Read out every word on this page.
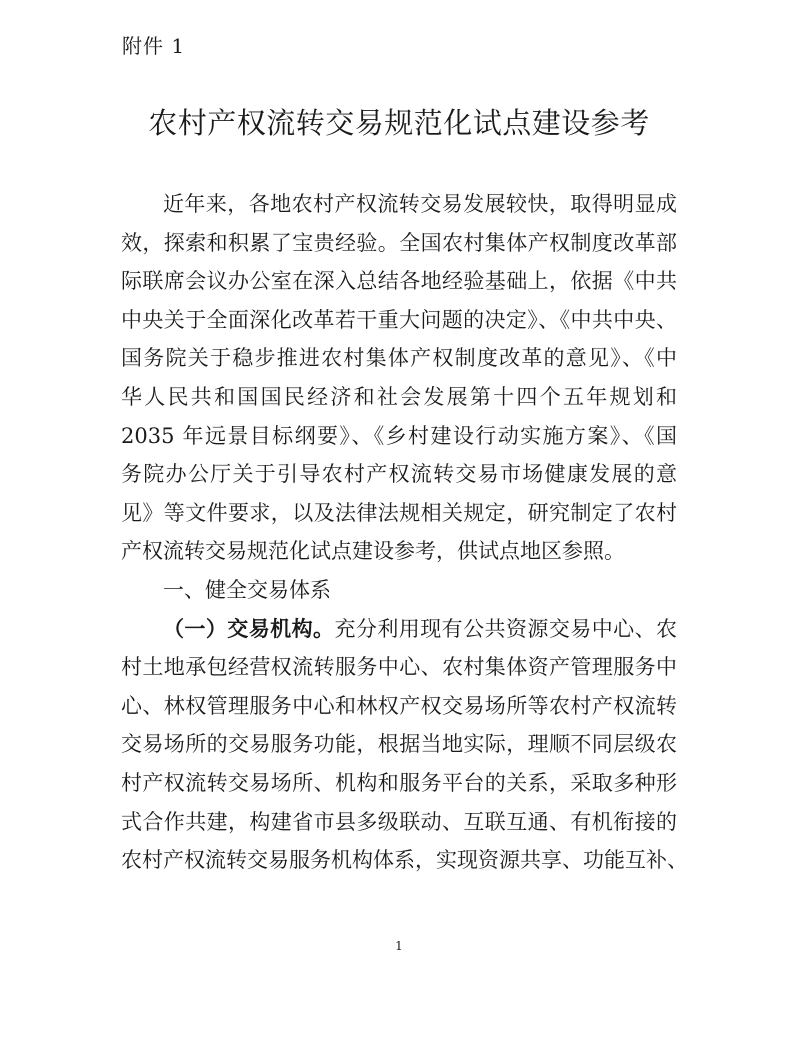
附件 1
农村产权流转交易规范化试点建设参考
近年来，各地农村产权流转交易发展较快，取得明显成
效，探索和积累了宝贵经验。全国农村集体产权制度改革部
际联席会议办公室在深入总结各地经验基础上，依据《中共
中央关于全面深化改革若干重大问题的决定》、《中共中央、
国务院关于稳步推进农村集体产权制度改革的意见》、《中
华人民共和国国民经济和社会发展第十四个五年规划和
2035 年远景目标纲要》、《乡村建设行动实施方案》、《国
务院办公厅关于引导农村产权流转交易市场健康发展的意
见》等文件要求，以及法律法规相关规定，研究制定了农村
产权流转交易规范化试点建设参考，供试点地区参照。
一、健全交易体系
（一）交易机构。充分利用现有公共资源交易中心、农
村土地承包经营权流转服务中心、农村集体资产管理服务中
心、林权管理服务中心和林权产权交易场所等农村产权流转
交易场所的交易服务功能，根据当地实际，理顺不同层级农
村产权流转交易场所、机构和服务平台的关系，采取多种形
式合作共建，构建省市县多级联动、互联互通、有机衔接的
农村产权流转交易服务机构体系，实现资源共享、功能互补、
1
